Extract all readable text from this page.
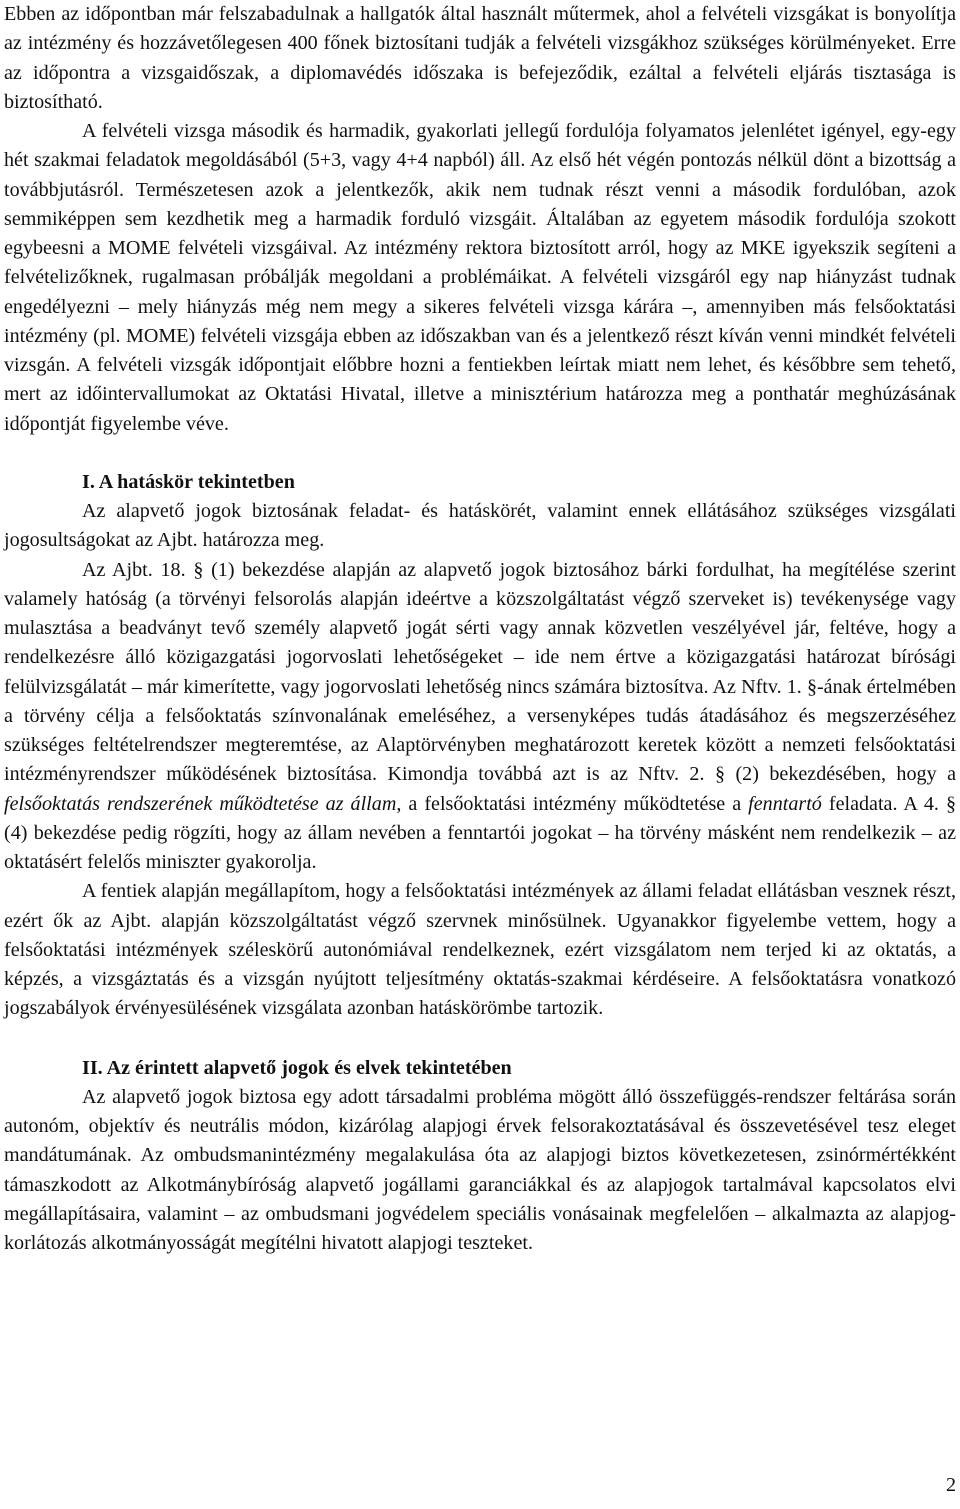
Ebben az időpontban már felszabadulnak a hallgatók által használt műtermek, ahol a felvételi vizsgákat is bonyolítja az intézmény és hozzávetőlegesen 400 főnek biztosítani tudják a felvételi vizsgákhoz szükséges körülményeket. Erre az időpontra a vizsgaidőszak, a diplomavédés időszaka is befejeződik, ezáltal a felvételi eljárás tisztasága is biztosítható.

A felvételi vizsga második és harmadik, gyakorlati jellegű fordulója folyamatos jelenlétet igényel, egy-egy hét szakmai feladatok megoldásából (5+3, vagy 4+4 napból) áll. Az első hét végén pontozás nélkül dönt a bizottság a továbbjutásról. Természetesen azok a jelentkezők, akik nem tudnak részt venni a második fordulóban, azok semmiképpen sem kezdhetik meg a harmadik forduló vizsgáit. Általában az egyetem második fordulója szokott egybeesni a MOME felvételi vizsgáival. Az intézmény rektora biztosított arról, hogy az MKE igyekszik segíteni a felvételizőknek, rugalmasan próbálják megoldani a problémáikat. A felvételi vizsgáról egy nap hiányzást tudnak engedélyezni – mely hiányzás még nem megy a sikeres felvételi vizsga kárára –, amennyiben más felsőoktatási intézmény (pl. MOME) felvételi vizsgája ebben az időszakban van és a jelentkező részt kíván venni mindkét felvételi vizsgán. A felvételi vizsgák időpontjait előbbre hozni a fentiekben leírtak miatt nem lehet, és későbbre sem tehető, mert az időintervallumokat az Oktatási Hivatal, illetve a minisztérium határozza meg a ponthatár meghúzásának időpontját figyelembe véve.

I. A hatáskör tekintetben

Az alapvető jogok biztosának feladat- és hatáskörét, valamint ennek ellátásához szükséges vizsgálati jogosultságokat az Ajbt. határozza meg.

Az Ajbt. 18. § (1) bekezdése alapján az alapvető jogok biztosához bárki fordulhat, ha megítélése szerint valamely hatóság (a törvényi felsorolás alapján ideértve a közszolgáltatást végző szerveket is) tevékenysége vagy mulasztása a beadványt tevő személy alapvető jogát sérti vagy annak közvetlen veszélyével jár, feltéve, hogy a rendelkezésre álló közigazgatási jogorvoslati lehetőségeket – ide nem értve a közigazgatási határozat bírósági felülvizsgálatát – már kimerítette, vagy jogorvoslati lehetőség nincs számára biztosítva. Az Nftv. 1. §-ának értelmében a törvény célja a felsőoktatás színvonalának emeléséhez, a versenyképes tudás átadásához és megszerzéséhez szükséges feltételrendszer megteremtése, az Alaptörvényben meghatározott keretek között a nemzeti felsőoktatási intézményrendszer működésének biztosítása. Kimondja továbbá azt is az Nftv. 2. § (2) bekezdésében, hogy a felsőoktatás rendszerének működtetése az állam, a felsőoktatási intézmény működtetése a fenntartó feladata. A 4. § (4) bekezdése pedig rögzíti, hogy az állam nevében a fenntartói jogokat – ha törvény másként nem rendelkezik – az oktatásért felelős miniszter gyakorolja.

A fentiek alapján megállapítom, hogy a felsőoktatási intézmények az állami feladat ellátásban vesznek részt, ezért ők az Ajbt. alapján közszolgáltatást végző szervnek minősülnek. Ugyanakkor figyelembe vettem, hogy a felsőoktatási intézmények széleskörű autonómiával rendelkeznek, ezért vizsgálatom nem terjed ki az oktatás, a képzés, a vizsgáztatás és a vizsgán nyújtott teljesítmény oktatás-szakmai kérdéseire. A felsőoktatásra vonatkozó jogszabályok érvényesülésének vizsgálata azonban hatáskörömbe tartozik.

II. Az érintett alapvető jogok és elvek tekintetében

Az alapvető jogok biztosa egy adott társadalmi probléma mögött álló összefüggés-rendszer feltárása során autonóm, objektív és neutrális módon, kizárólag alapjogi érvek felsorakoztatásával és összevetésével tesz eleget mandátumának. Az ombudsmanintézmény megalakulása óta az alapjogi biztos következetesen, zsinórmértékként támaszkodott az Alkotmánybíróság alapvető jogállami garanciákkal és az alapjogok tartalmával kapcsolatos elvi megállapításaira, valamint – az ombudsmani jogvédelem speciális vonásainak megfelelően – alkalmazta az alapjog-korlátozás alkotmányosságát megítélni hivatott alapjogi teszteket.

2
